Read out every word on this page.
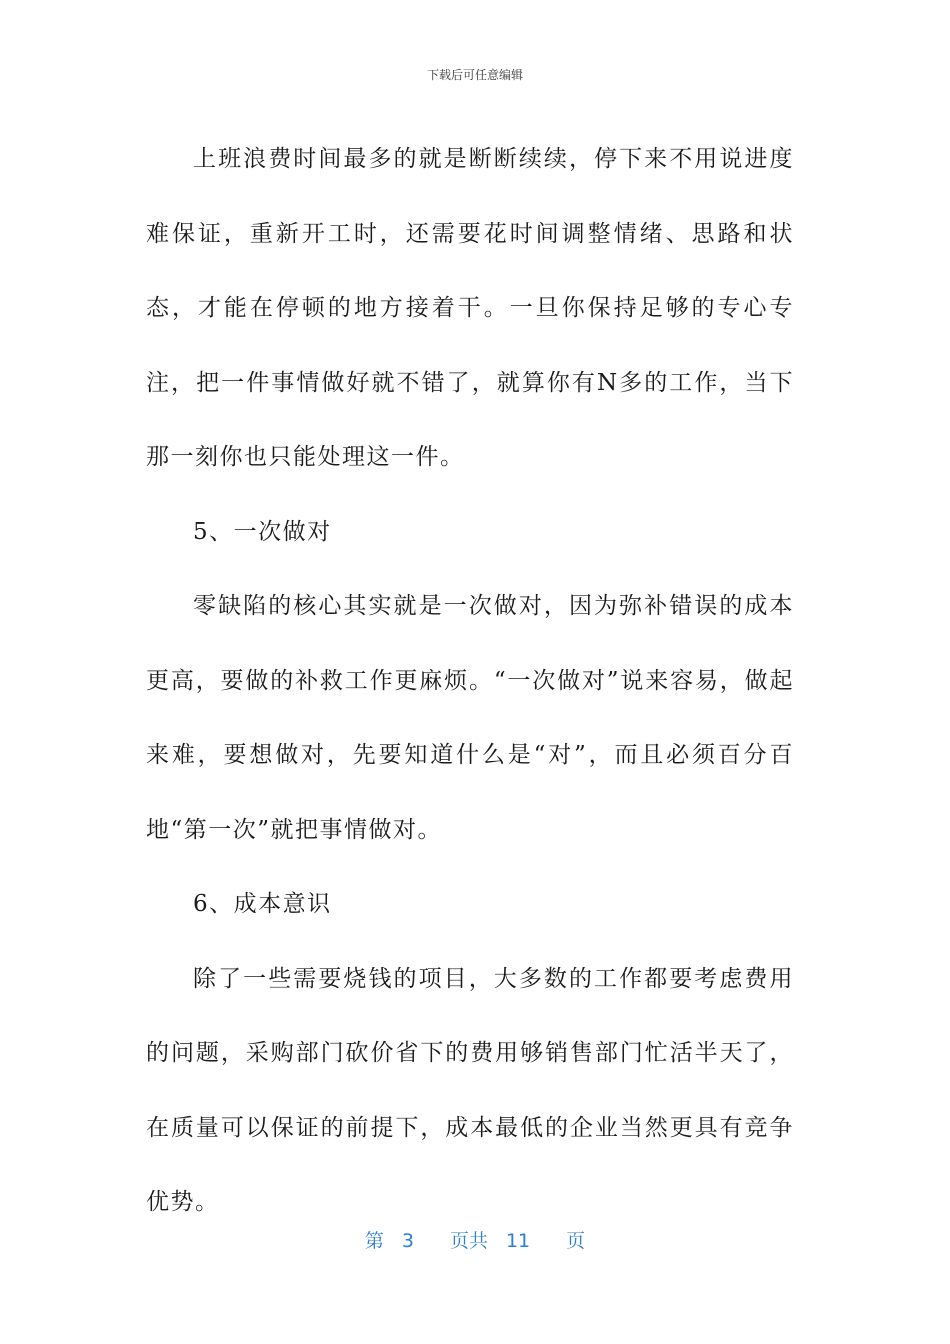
下载后可任意编辑

上班浪费时间最多的就是断断续续，停下来不用说进度难保证，重新开工时，还需要花时间调整情绪、思路和状态，才能在停顿的地方接着干。一旦你保持足够的专心专注，把一件事情做好就不错了，就算你有N多的工作，当下那一刻你也只能处理这一件。

5、一次做对

零缺陷的核心其实就是一次做对，因为弥补错误的成本更高，要做的补救工作更麻烦。“一次做对”说来容易，做起来难，要想做对，先要知道什么是“对”，而且必须百分百地“第一次”就把事情做对。

6、成本意识

除了一些需要烧钱的项目，大多数的工作都要考虑费用的问题，采购部门砍价省下的费用够销售部门忙活半天了，在质量可以保证的前提下，成本最低的企业当然更具有竞争优势。

第 3 页共 11 页
